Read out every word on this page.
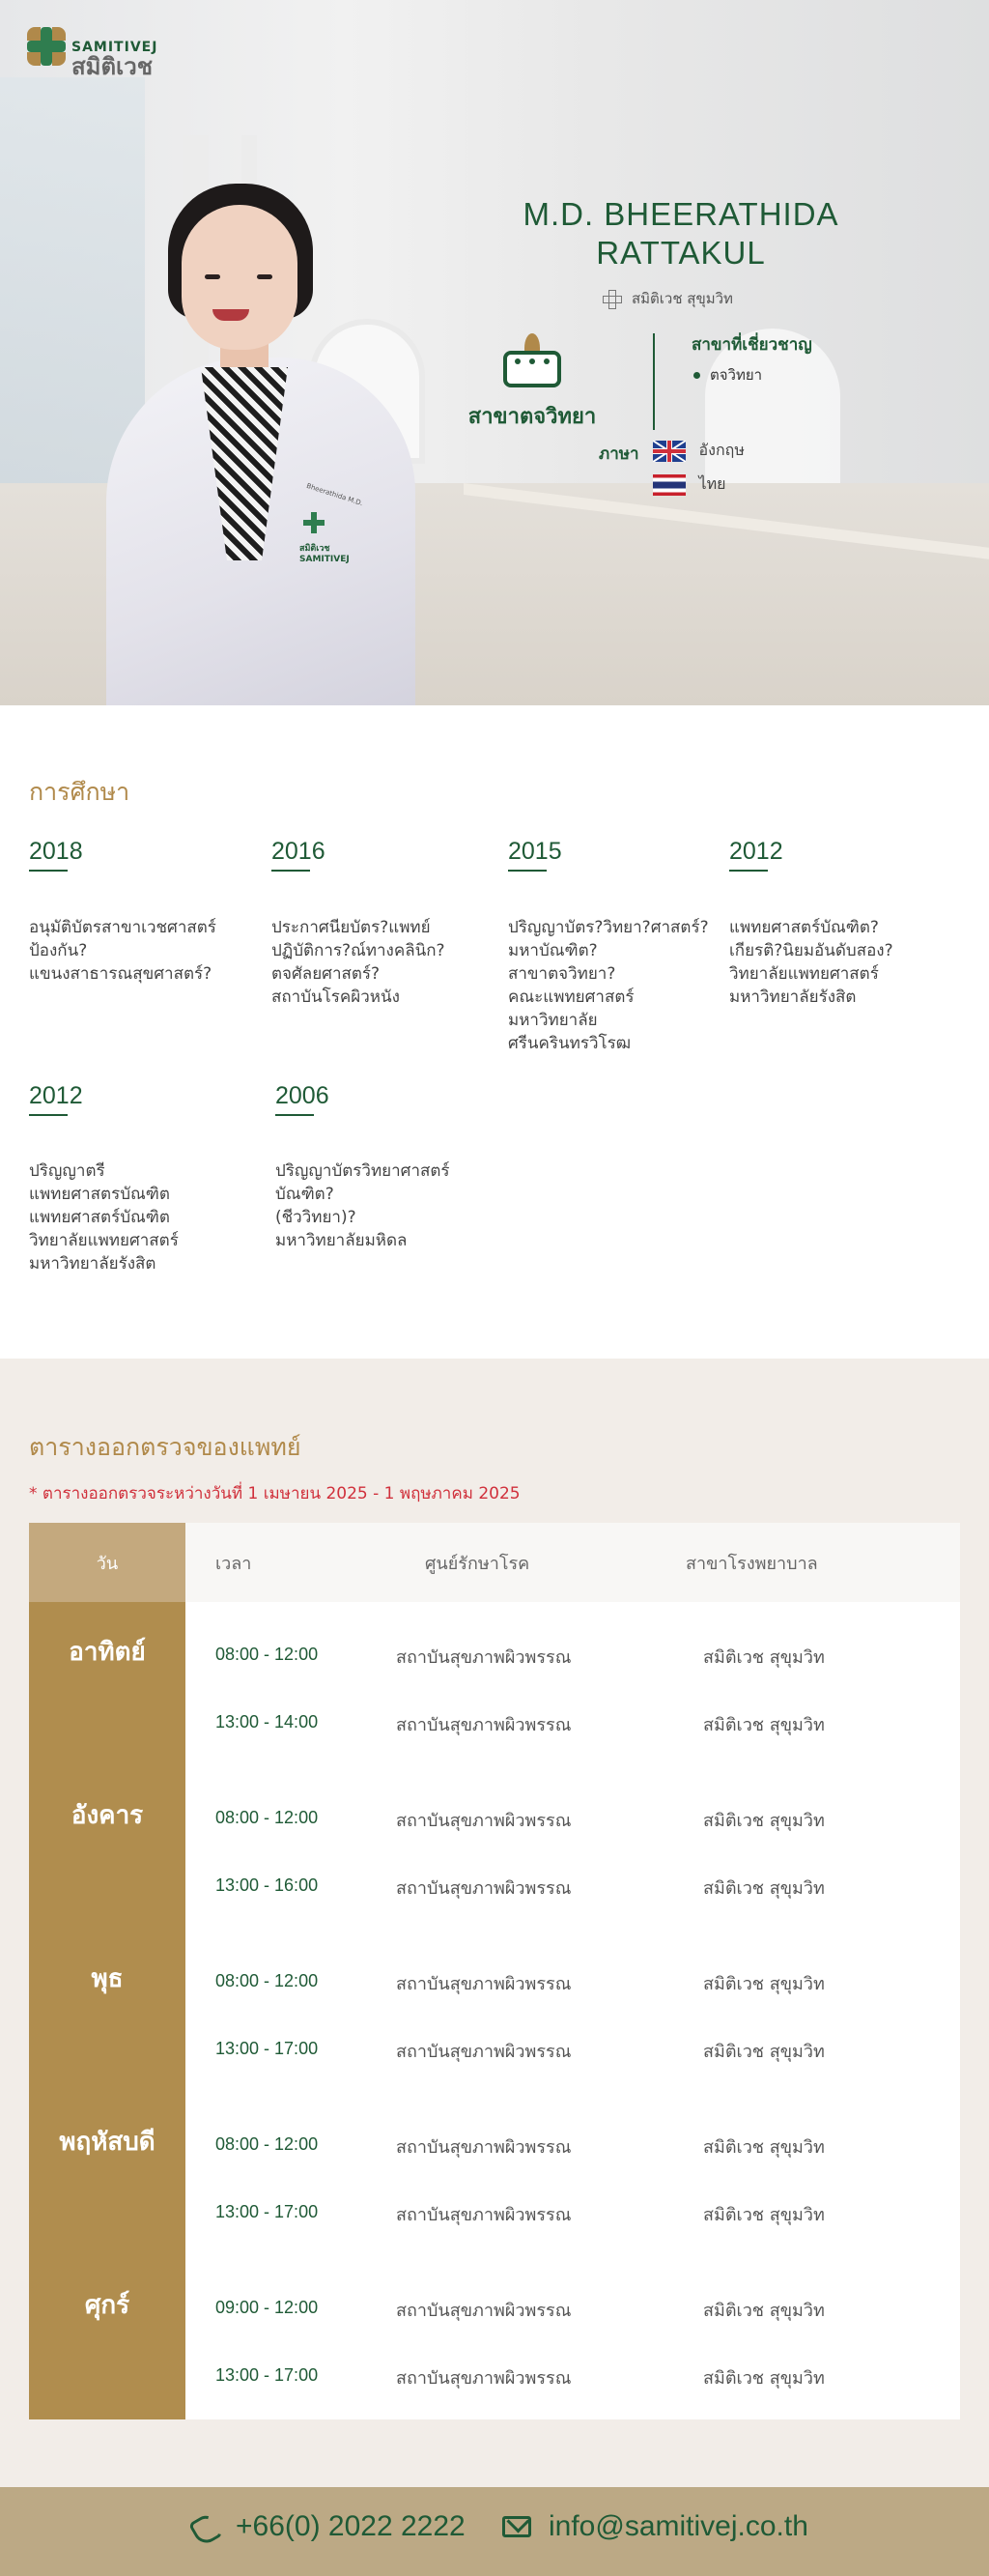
สมิติเวช
SAMITIVEJ
Bheerathida M.D.
สมิติเวช SAMITIVEJ
M.D. BHEERATHIDA
RATTAKUL
สมิติเวช สุขุมวิท
สาขาตจวิทยา
สาขาที่เชี่ยวชาญ
ตจวิทยา
ภาษา	อังกฤษ
ไทย
การศึกษา
2018
อนุมัติบัตรสาขาเวชศาสตร์
ป้องกัน?
แขนงสาธารณสุขศาสตร์?
2016
ประกาศนียบัตร?แพทย์
ปฏิบัติการ?ณ์ทางคลินิก?
ตจศัลยศาสตร์?
สถาบันโรคผิวหนัง
2015
ปริญญาบัตร?วิทยา?ศาสตร์?
มหาบัณฑิต?
สาขาตจวิทยา?
คณะแพทยศาสตร์
มหาวิทยาลัย
ศรีนครินทรวิโรฒ
2012
แพทยศาสตร์บัณฑิต?
เกียรติ?นิยมอันดับสอง?
วิทยาลัยแพทยศาสตร์
มหาวิทยาลัยรังสิต
2012
ปริญญาตรี
แพทยศาสตรบัณฑิต
แพทยศาสตร์บัณฑิต
วิทยาลัยแพทยศาสตร์
มหาวิทยาลัยรังสิต
2006
ปริญญาบัตรวิทยาศาสตร์
บัณฑิต?
(ชีววิทยา)?
มหาวิทยาลัยมหิดล
ตารางออกตรวจของแพทย์
* ตารางออกตรวจระหว่างวันที่ 1 เมษายน 2025 - 1 พฤษภาคม 2025
วัน	เวลา	ศูนย์รักษาโรค	สาขาโรงพยาบาล
อาทิตย์	08:00 - 12:00	สถาบันสุขภาพผิวพรรณ	สมิติเวช สุขุมวิท
13:00 - 14:00	สถาบันสุขภาพผิวพรรณ	สมิติเวช สุขุมวิท
อังคาร	08:00 - 12:00	สถาบันสุขภาพผิวพรรณ	สมิติเวช สุขุมวิท
13:00 - 16:00	สถาบันสุขภาพผิวพรรณ	สมิติเวช สุขุมวิท
พุธ	08:00 - 12:00	สถาบันสุขภาพผิวพรรณ	สมิติเวช สุขุมวิท
13:00 - 17:00	สถาบันสุขภาพผิวพรรณ	สมิติเวช สุขุมวิท
พฤหัสบดี	08:00 - 12:00	สถาบันสุขภาพผิวพรรณ	สมิติเวช สุขุมวิท
13:00 - 17:00	สถาบันสุขภาพผิวพรรณ	สมิติเวช สุขุมวิท
ศุกร์	09:00 - 12:00	สถาบันสุขภาพผิวพรรณ	สมิติเวช สุขุมวิท
13:00 - 17:00	สถาบันสุขภาพผิวพรรณ	สมิติเวช สุขุมวิท
+66(0) 2022 2222	info@samitivej.co.th
